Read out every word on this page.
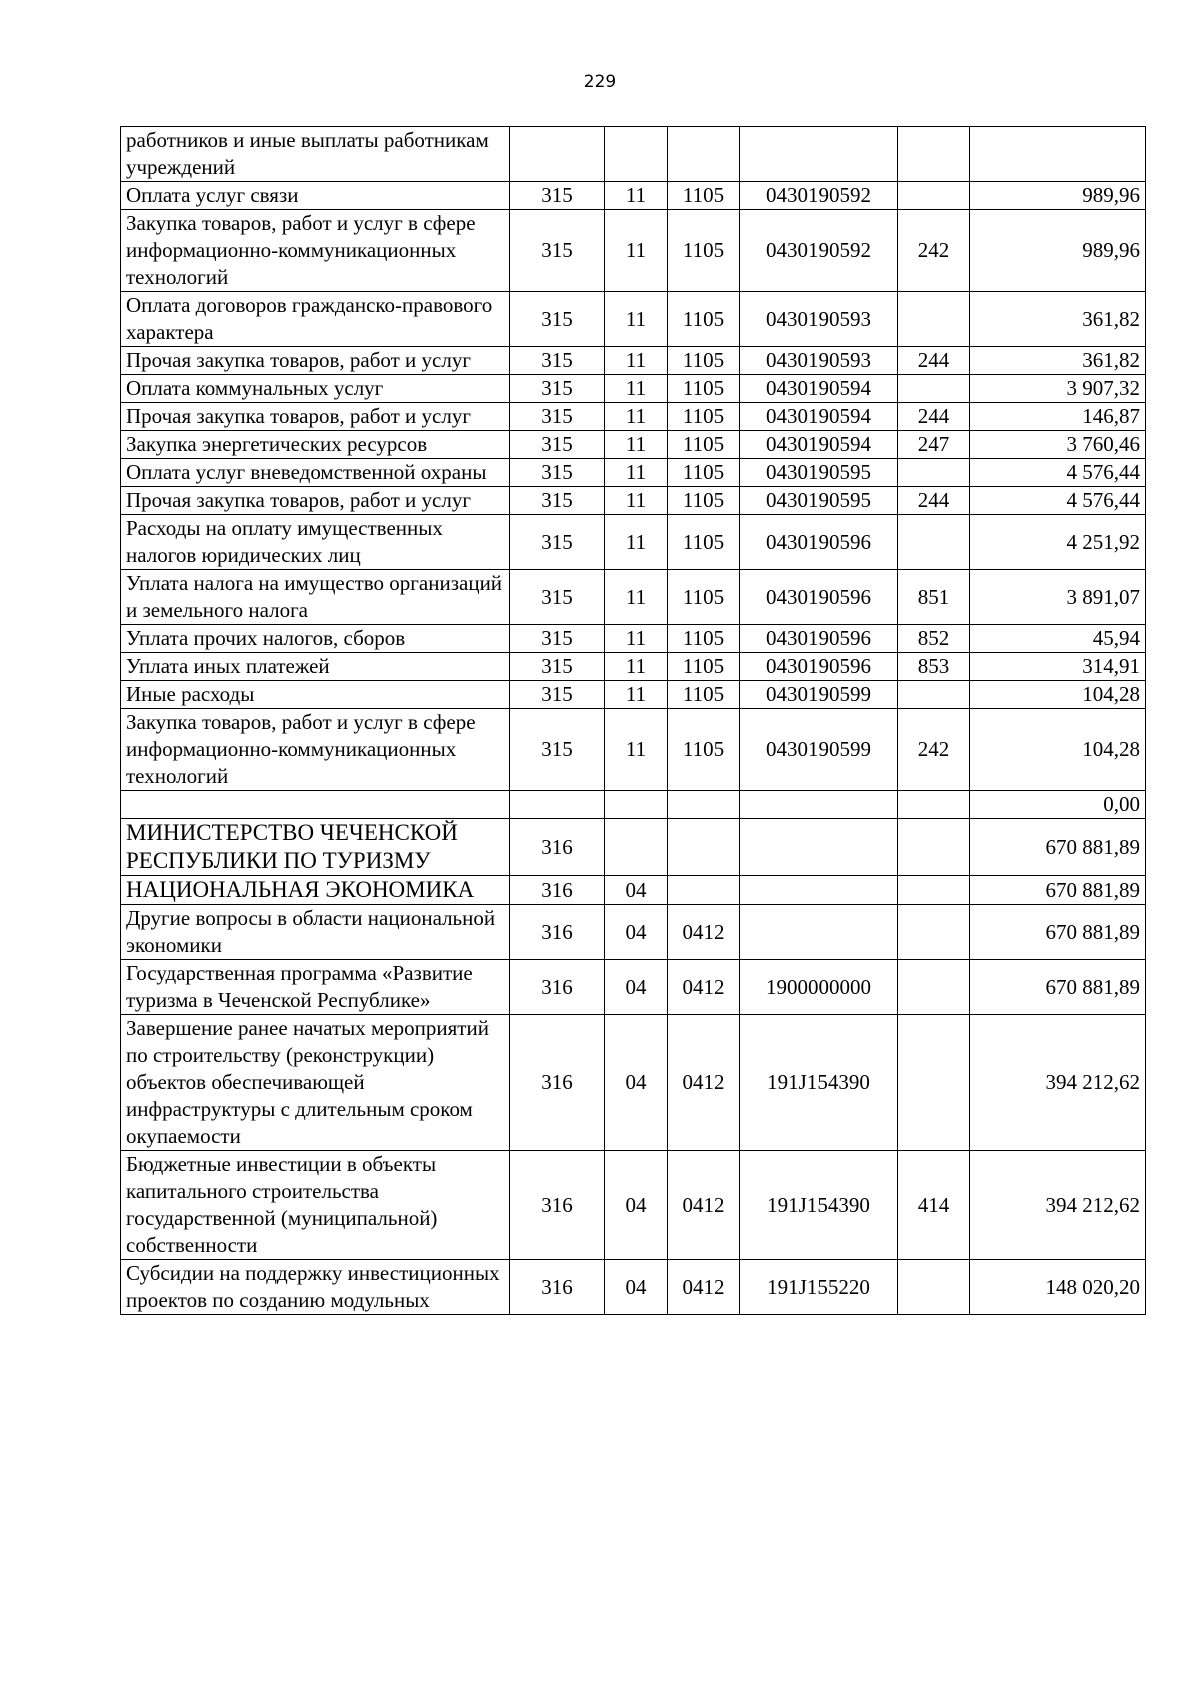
229
работников и иные выплаты работникам учреждений						
Оплата услуг связи	315	11	1105	0430190592		989,96
Закупка товаров, работ и услуг в сфере информационно-коммуникационных технологий	315	11	1105	0430190592	242	989,96
Оплата договоров гражданско-правового характера	315	11	1105	0430190593		361,82
Прочая закупка товаров, работ и услуг	315	11	1105	0430190593	244	361,82
Оплата коммунальных услуг	315	11	1105	0430190594		3 907,32
Прочая закупка товаров, работ и услуг	315	11	1105	0430190594	244	146,87
Закупка энергетических ресурсов	315	11	1105	0430190594	247	3 760,46
Оплата услуг вневедомственной охраны	315	11	1105	0430190595		4 576,44
Прочая закупка товаров, работ и услуг	315	11	1105	0430190595	244	4 576,44
Расходы на оплату имущественных налогов юридических лиц	315	11	1105	0430190596		4 251,92
Уплата налога на имущество организаций и земельного налога	315	11	1105	0430190596	851	3 891,07
Уплата прочих налогов, сборов	315	11	1105	0430190596	852	45,94
Уплата иных платежей	315	11	1105	0430190596	853	314,91
Иные расходы	315	11	1105	0430190599		104,28
Закупка товаров, работ и услуг в сфере информационно-коммуникационных технологий	315	11	1105	0430190599	242	104,28
						0,00
МИНИСТЕРСТВО ЧЕЧЕНСКОЙ РЕСПУБЛИКИ ПО ТУРИЗМУ	316					670 881,89
НАЦИОНАЛЬНАЯ ЭКОНОМИКА	316	04				670 881,89
Другие вопросы в области национальной экономики	316	04	0412			670 881,89
Государственная программа «Развитие туризма в Чеченской Республике»	316	04	0412	1900000000		670 881,89
Завершение ранее начатых мероприятий по строительству (реконструкции) объектов обеспечивающей инфраструктуры с длительным сроком окупаемости	316	04	0412	191J154390		394 212,62
Бюджетные инвестиции в объекты капитального строительства государственной (муниципальной) собственности	316	04	0412	191J154390	414	394 212,62
Субсидии на поддержку инвестиционных проектов по созданию модульных	316	04	0412	191J155220		148 020,20
